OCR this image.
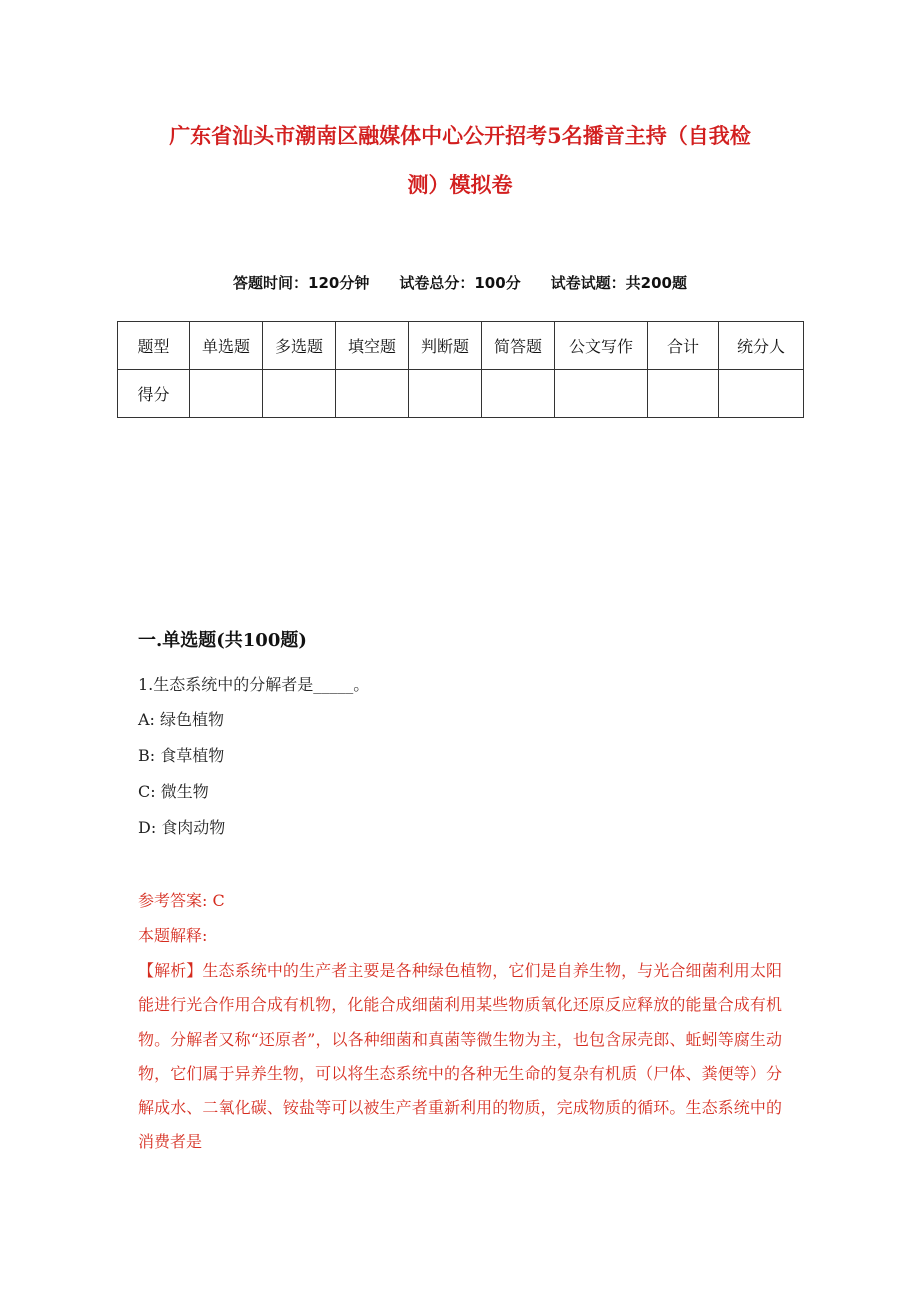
广东省汕头市潮南区融媒体中心公开招考5名播音主持（自我检
测）模拟卷
答题时间：120分钟 试卷总分：100分 试卷试题：共200题
题型	单选题	多选题	填空题	判断题	简答题	公文写作	合计	统分人
得分								
一.单选题(共100题)
1.生态系统中的分解者是_____。
A: 绿色植物
B: 食草植物
C: 微生物
D: 食肉动物
参考答案: C
本题解释:
【解析】生态系统中的生产者主要是各种绿色植物，它们是自养生物，与光合细菌利用太阳能进行光合作用合成有机物，化能合成细菌利用某些物质氧化还原反应释放的能量合成有机物。分解者又称“还原者”，以各种细菌和真菌等微生物为主，也包含尿壳郎、蚯蚓等腐生动物，它们属于异养生物，可以将生态系统中的各种无生命的复杂有机质（尸体、粪便等）分解成水、二氧化碳、铵盐等可以被生产者重新利用的物质，完成物质的循环。生态系统中的消费者是
